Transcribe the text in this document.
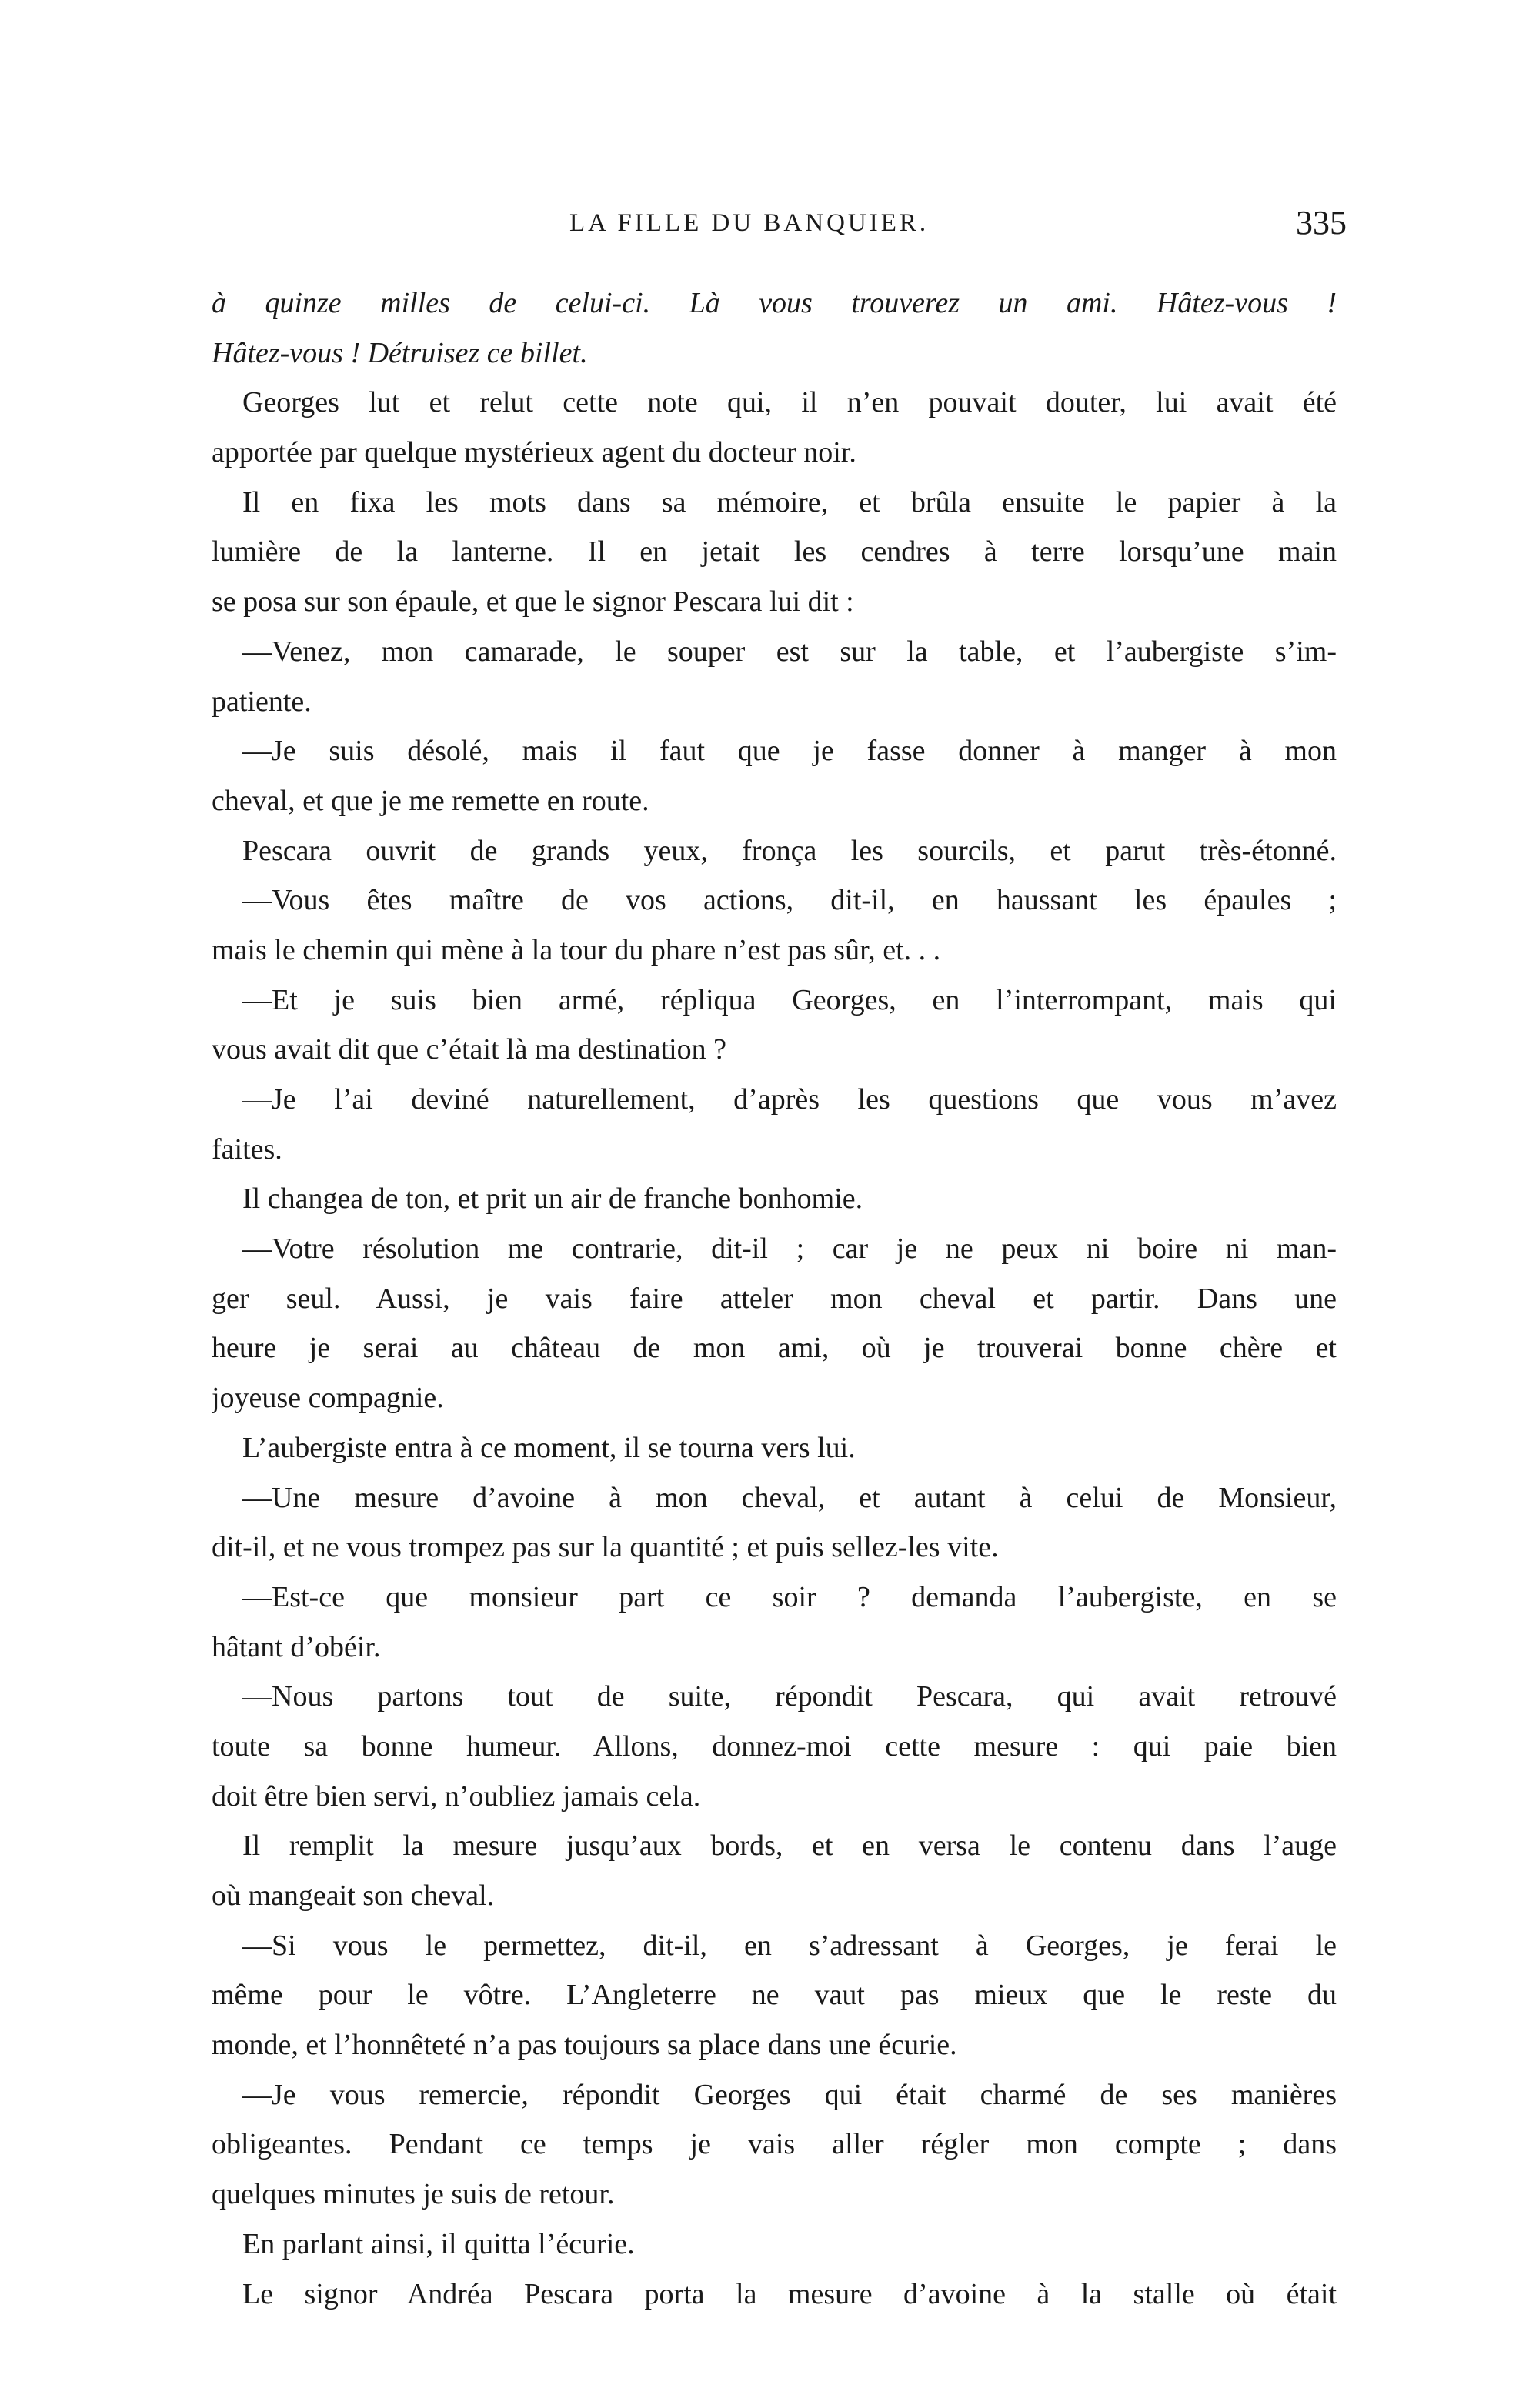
LA FILLE DU BANQUIER.	335
à quinze milles de celui-ci. Là vous trouverez un ami. Hâtez-vous !
Hâtez-vous ! Détruisez ce billet.
Georges lut et relut cette note qui, il n’en pouvait douter, lui avait été
apportée par quelque mystérieux agent du docteur noir.
Il en fixa les mots dans sa mémoire, et brûla ensuite le papier à la
lumière de la lanterne. Il en jetait les cendres à terre lorsqu’une main
se posa sur son épaule, et que le signor Pescara lui dit :
—Venez, mon camarade, le souper est sur la table, et l’aubergiste s’im-
patiente.
—Je suis désolé, mais il faut que je fasse donner à manger à mon
cheval, et que je me remette en route.
Pescara ouvrit de grands yeux, fronça les sourcils, et parut très-étonné.
—Vous êtes maître de vos actions, dit-il, en haussant les épaules ;
mais le chemin qui mène à la tour du phare n’est pas sûr, et. . .
—Et je suis bien armé, répliqua Georges, en l’interrompant, mais qui
vous avait dit que c’était là ma destination ?
—Je l’ai deviné naturellement, d’après les questions que vous m’avez
faites.
Il changea de ton, et prit un air de franche bonhomie.
—Votre résolution me contrarie, dit-il ; car je ne peux ni boire ni man-
ger seul. Aussi, je vais faire atteler mon cheval et partir. Dans une
heure je serai au château de mon ami, où je trouverai bonne chère et
joyeuse compagnie.
L’aubergiste entra à ce moment, il se tourna vers lui.
—Une mesure d’avoine à mon cheval, et autant à celui de Monsieur,
dit-il, et ne vous trompez pas sur la quantité ; et puis sellez-les vite.
—Est-ce que monsieur part ce soir ? demanda l’aubergiste, en se
hâtant d’obéir.
—Nous partons tout de suite, répondit Pescara, qui avait retrouvé
toute sa bonne humeur. Allons, donnez-moi cette mesure : qui paie bien
doit être bien servi, n’oubliez jamais cela.
Il remplit la mesure jusqu’aux bords, et en versa le contenu dans l’auge
où mangeait son cheval.
—Si vous le permettez, dit-il, en s’adressant à Georges, je ferai le
même pour le vôtre. L’Angleterre ne vaut pas mieux que le reste du
monde, et l’honnêteté n’a pas toujours sa place dans une écurie.
—Je vous remercie, répondit Georges qui était charmé de ses manières
obligeantes. Pendant ce temps je vais aller régler mon compte ; dans
quelques minutes je suis de retour.
En parlant ainsi, il quitta l’écurie.
Le signor Andréa Pescara porta la mesure d’avoine à la stalle où était
